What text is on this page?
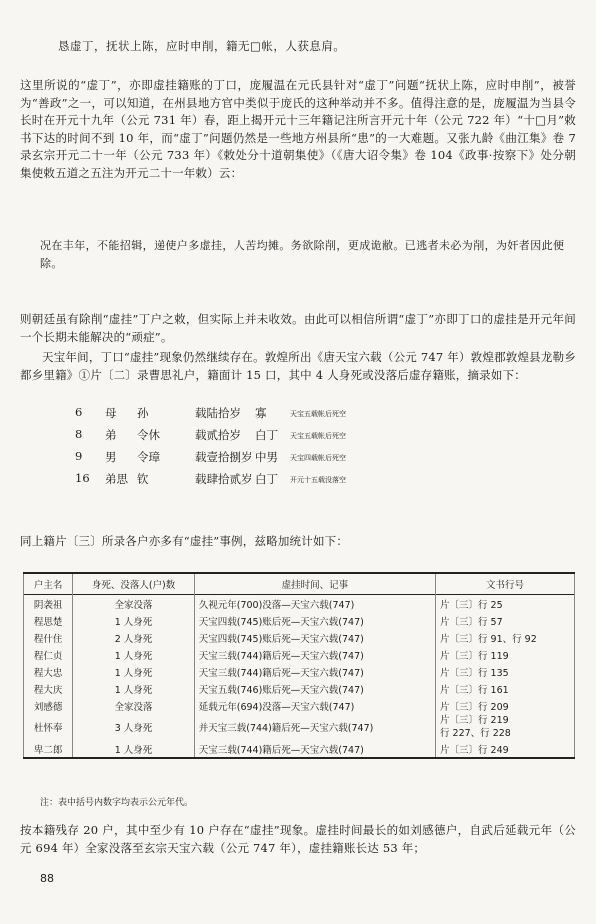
恳虚丁，抚状上陈，应时申削，籍无□帐，人获息肩。

这里所说的“虚丁”，亦即虚挂籍账的丁口，庞履温在元氏县针对“虚丁”问题“抚状上陈，应时申削”，被誉为“善政”之一，可以知道，在州县地方官中类似于庞氏的这种举动并不多。值得注意的是，庞履温为当县令长时在开元十九年（公元 731 年）春，距上揭开元十三年籍记注所言开元十年（公元 722 年）“十□月”敕书下达的时间不到 10 年，而“虚丁”问题仍然是一些地方州县所“患”的一大难题。又张九龄《曲江集》卷 7 录玄宗开元二十一年（公元 733 年）《敕处分十道朝集使》（《唐大诏令集》卷 104《政事·按察下》处分朝集使敕五道之五注为开元二十一年敕）云：

况在丰年，不能招辑，递使户多虚挂，人苦均摊。务欲除削，更成诡敝。已逃者未必为削，为奸者因此便除。

则朝廷虽有除削“虚挂”丁户之敕，但实际上并未收效。由此可以相信所谓“虚丁”亦即丁口的虚挂是开元年间一个长期未能解决的“顽症”。

天宝年间，丁口“虚挂”现象仍然继续存在。敦煌所出《唐天宝六载（公元 747 年）敦煌郡敦煌县龙勒乡都乡里籍》①片〔二〕录曹思礼户，籍面计 15 口，其中 4 人身死或没落后虚存籍账，摘录如下：

6 母 孙	载陆拾岁 寡	天宝五载帐后死空
8 弟 令休	载贰拾岁 白丁 天宝五载帐后死空
9 男 令璋	载壹拾捌岁 中男 天宝四载帐后死空
16 弟思 钦	载肆拾贰岁 白丁 开元十五载没落空

同上籍片〔三〕所录各户亦多有“虚挂”事例，兹略加统计如下：

户主名	身死、没落人(户)数	虚挂时间、记事	文书行号
阴袭祖	全家没落	久视元年(700)没落—天宝六载(747)	片〔三〕行 25
程思楚	1 人身死	天宝四载(745)账后死—天宝六载(747)	片〔三〕行 57
程什住	2 人身死	天宝四载(745)账后死—天宝六载(747)	片〔三〕行 91、行 92
程仁贞	1 人身死	天宝三载(744)籍后死—天宝六载(747)	片〔三〕行 119
程大忠	1 人身死	天宝三载(744)籍后死—天宝六载(747)	片〔三〕行 135
程大庆	1 人身死	天宝五载(746)账后死—天宝六载(747)	片〔三〕行 161
刘感德	全家没落	延载元年(694)没落—天宝六载(747)	片〔三〕行 209
杜怀奉	3 人身死	并天宝三载(744)籍后死—天宝六载(747)	片〔三〕行 219
行 227、行 228

卑二郎	1 人身死	天宝三载(744)籍后死—天宝六载(747)	片〔三〕行 249
注：表中括号内数字均表示公元年代。

按本籍残存 20 户，其中至少有 10 户存在“虚挂”现象。虚挂时间最长的如刘感德户，自武后延载元年（公元 694 年）全家没落至玄宗天宝六载（公元 747 年），虚挂籍账长达 53 年；

88
